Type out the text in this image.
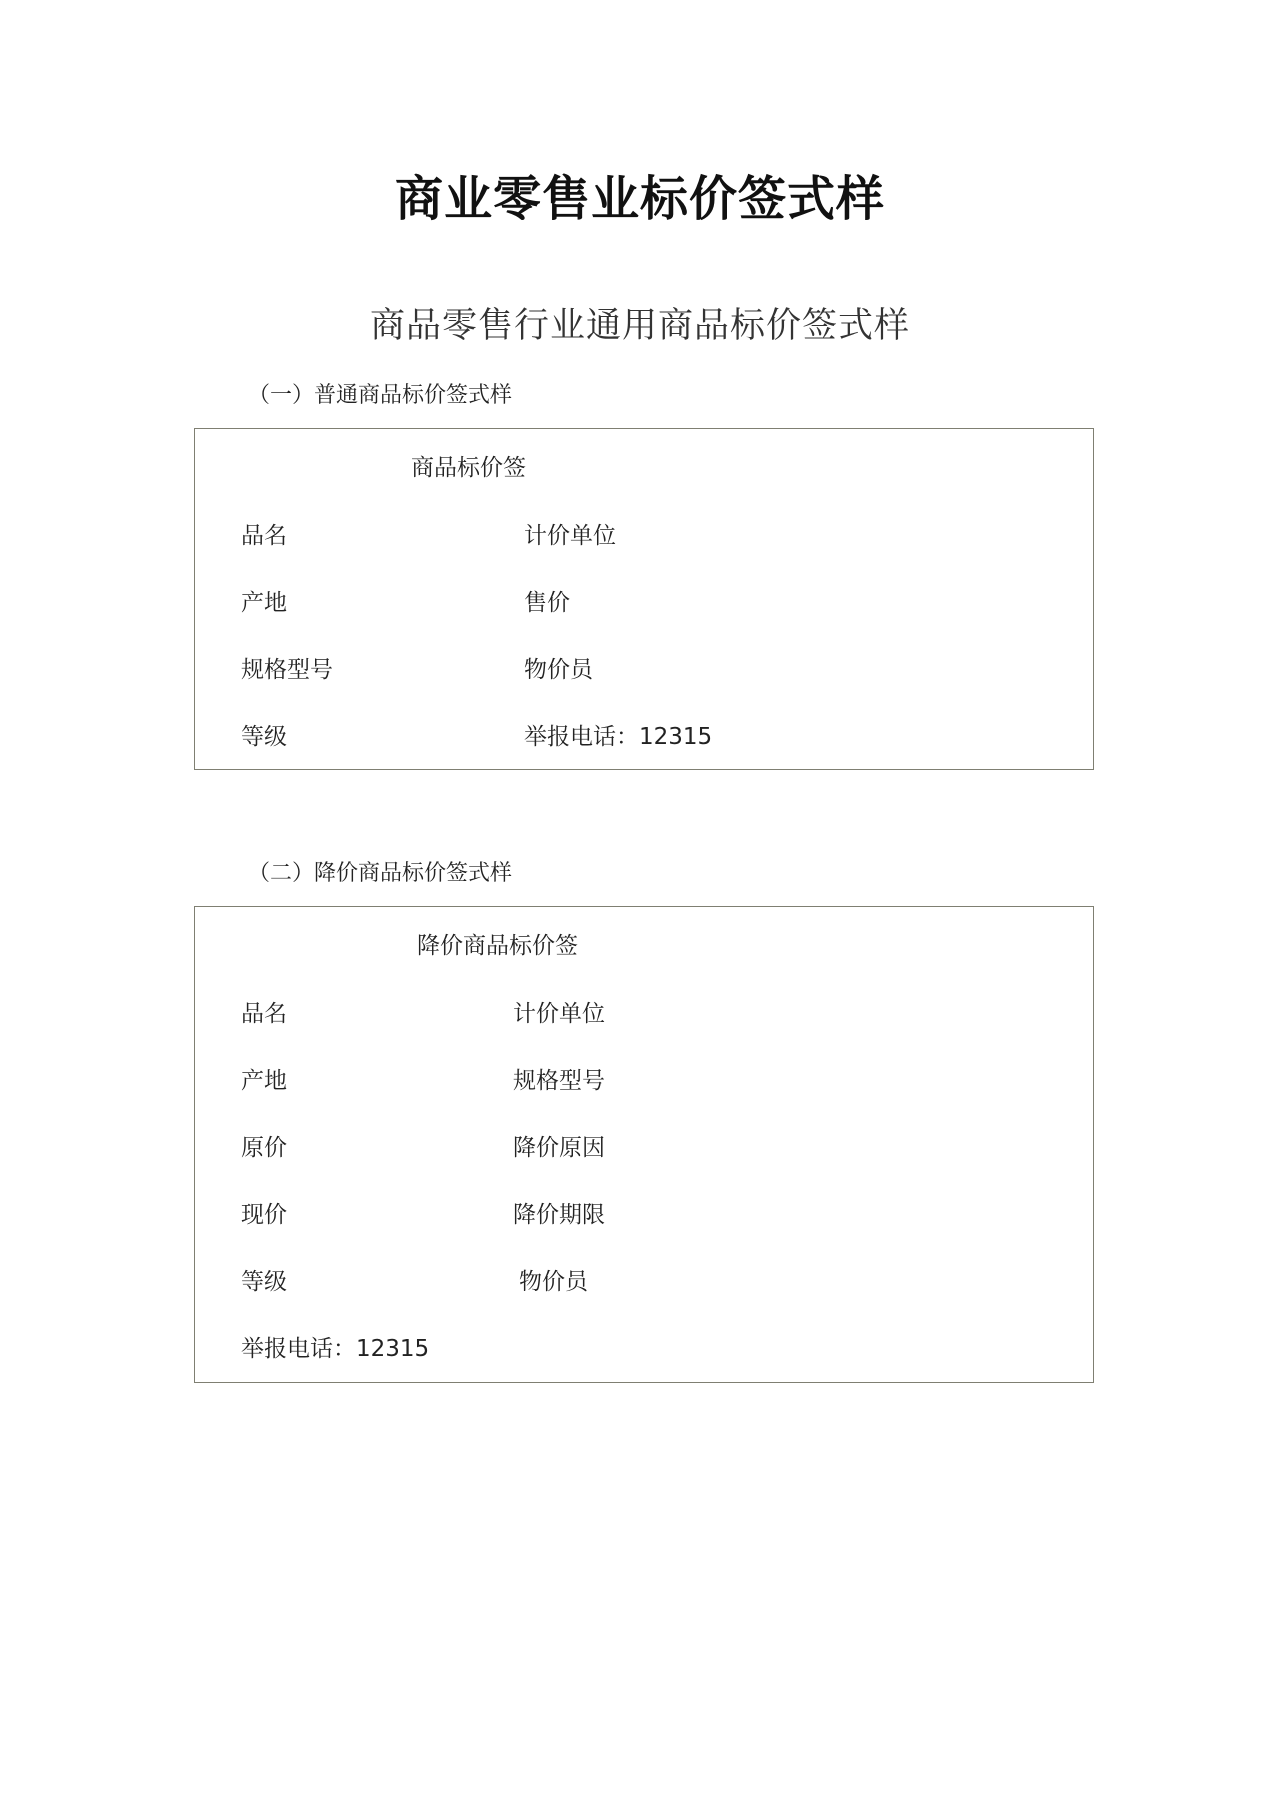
商业零售业标价签式样
商品零售行业通用商品标价签式样
（一）普通商品标价签式样
商品标价签
品名
产地
规格型号
等级
计价单位
售价
物价员
举报电话：12315
（二）降价商品标价签式样
降价商品标价签
品名
产地
原价
现价
等级
举报电话：12315
计价单位
规格型号
降价原因
降价期限
物价员
